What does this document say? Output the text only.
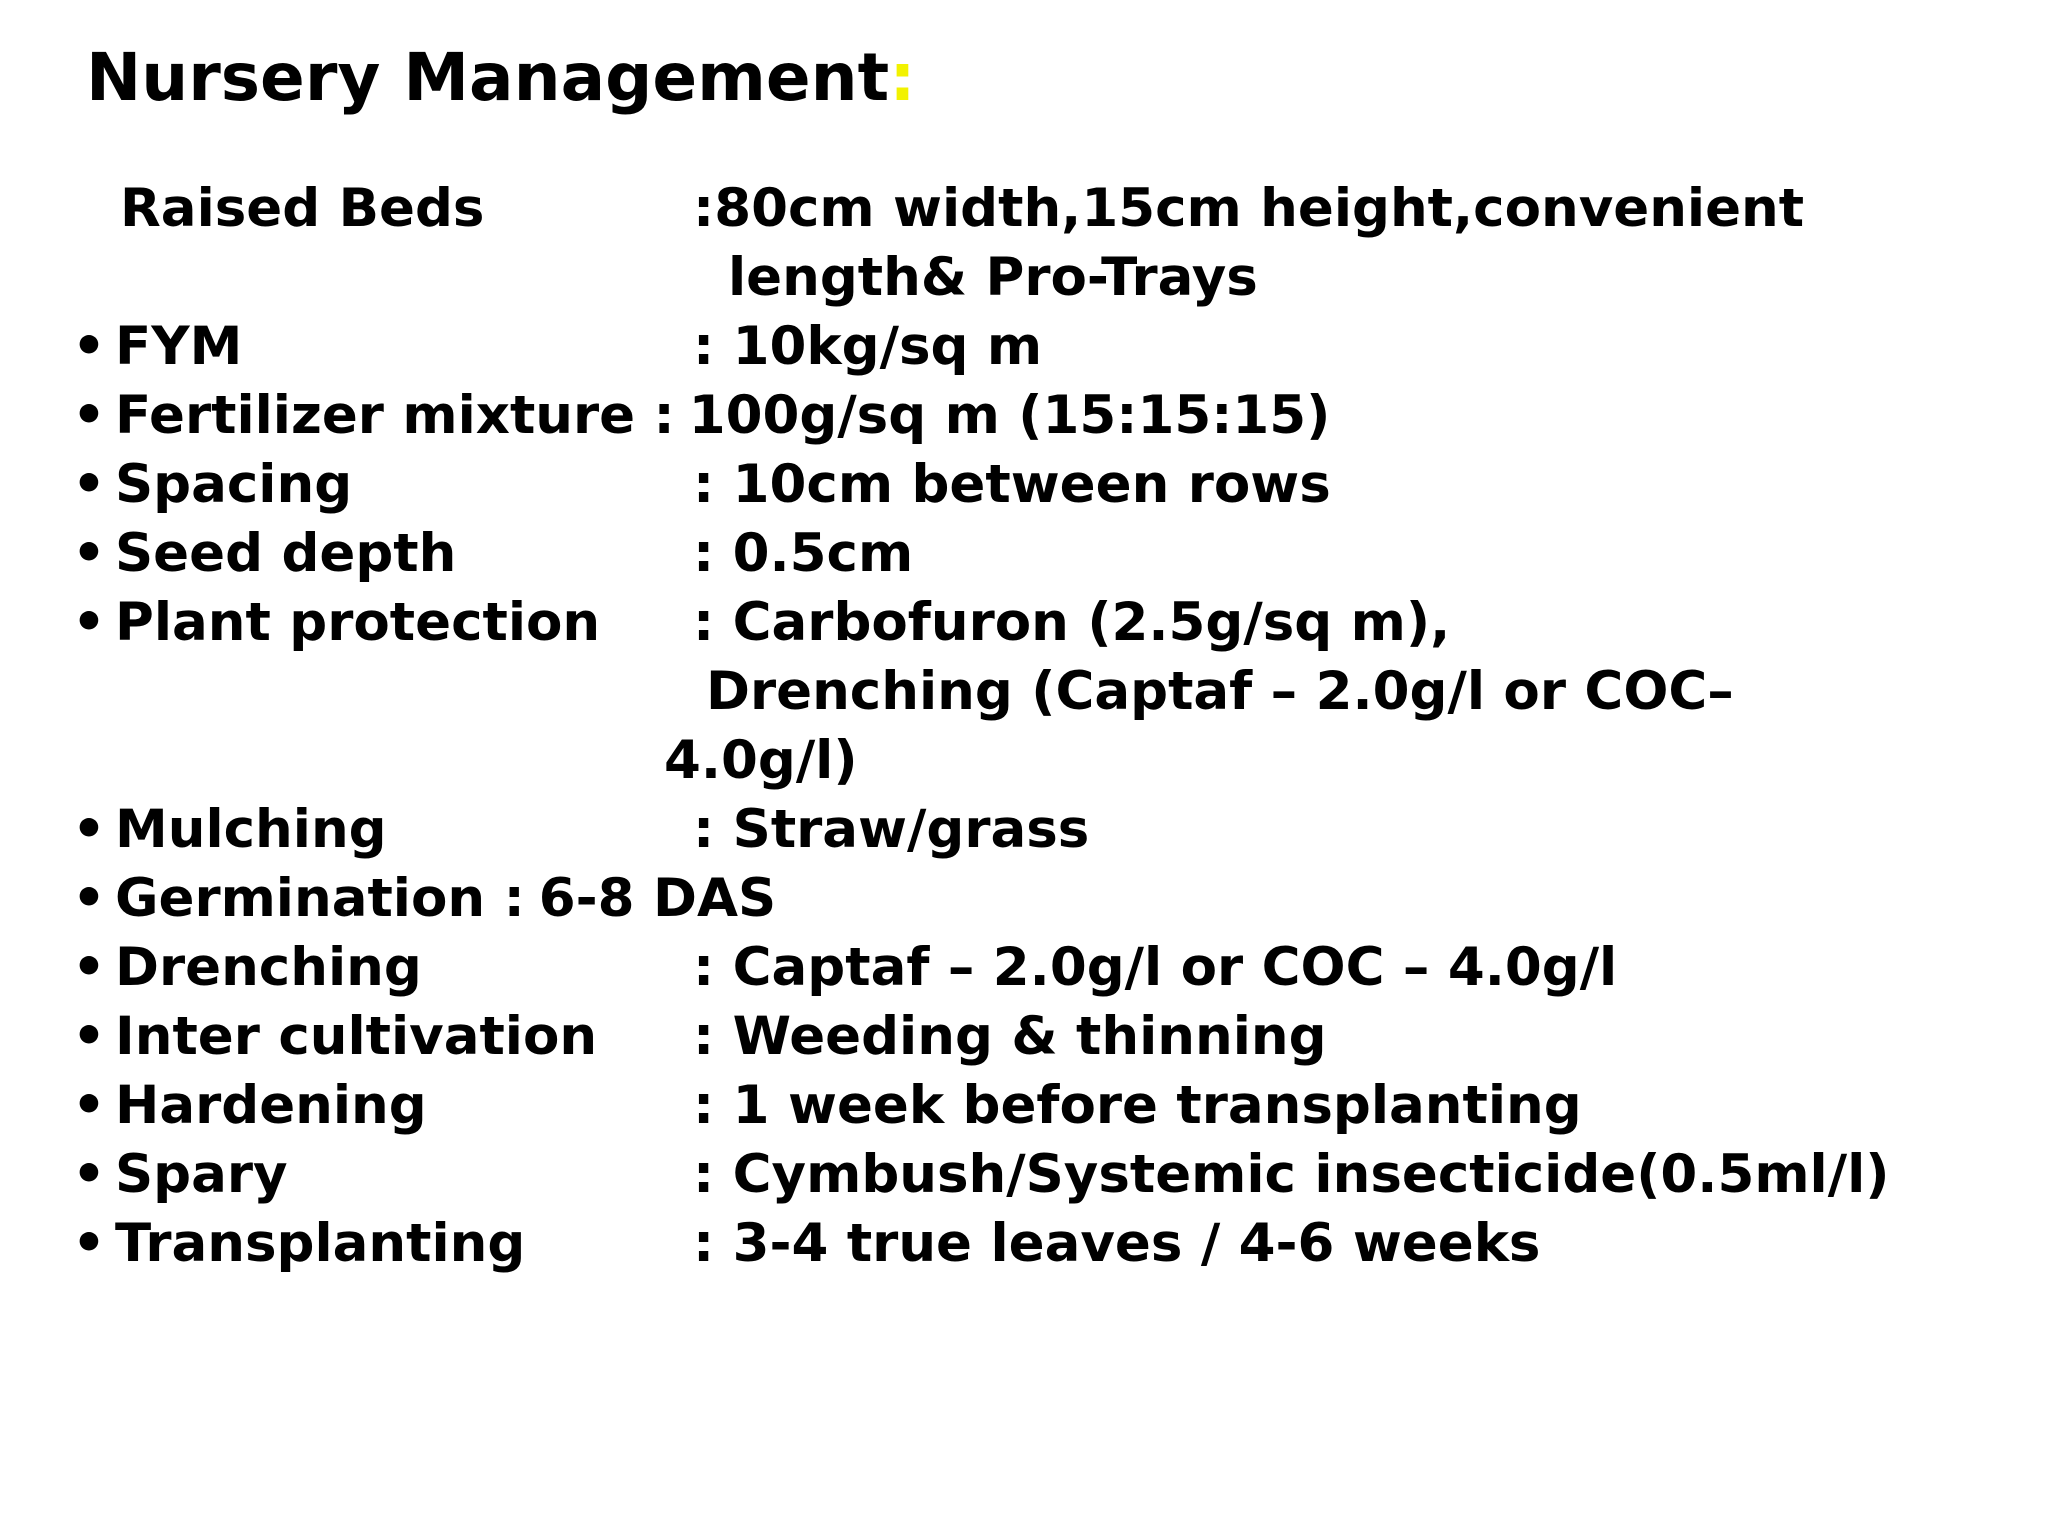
Nursery Management:
Raised Beds	:80cm width,15cm height,convenient
length& Pro-Trays
• FYM	: 10kg/sq m
• Fertilizer mixture : 100g/sq m (15:15:15)
• Spacing	: 10cm between rows
• Seed depth	: 0.5cm
• Plant protection : Carbofuron (2.5g/sq m),
Drenching (Captaf – 2.0g/l or COC–
4.0g/l)
• Mulching	: Straw/grass
• Germination : 6-8 DAS
• Drenching	: Captaf – 2.0g/l or COC – 4.0g/l
• Inter cultivation : Weeding & thinning
• Hardening	: 1 week before transplanting
• Spary	: Cymbush/Systemic insecticide(0.5ml/l)
• Transplanting	: 3-4 true leaves / 4-6 weeks
